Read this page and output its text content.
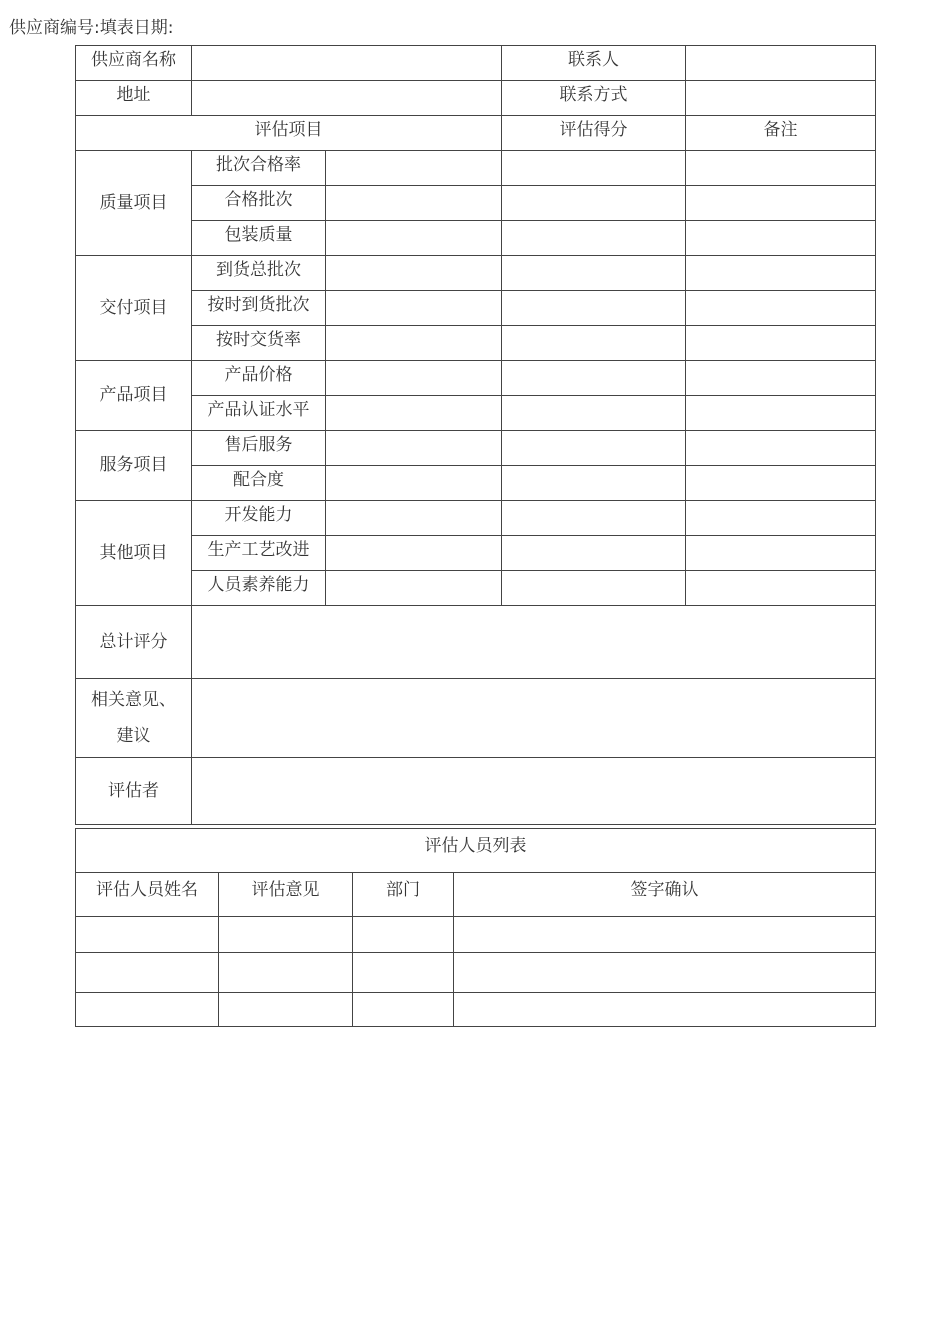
供应商编号:填表日期:
供应商名称			联系人	

地址			联系方式	

评估项目			评估得分	备注

质量项目	批次合格率			

	合格批次			

	包装质量			

交付项目	到货总批次			

	按时到货批次			

	按时交货率			

产品项目	产品价格			

	产品认证水平			

服务项目	售后服务			

	配合度			

其他项目	开发能力			

	生产工艺改进			

	人员素养能力			

总计评分				

相关意见、
建议				

评估者				
评估人员列表			

评估人员姓名	评估意见	部门	签字确认
